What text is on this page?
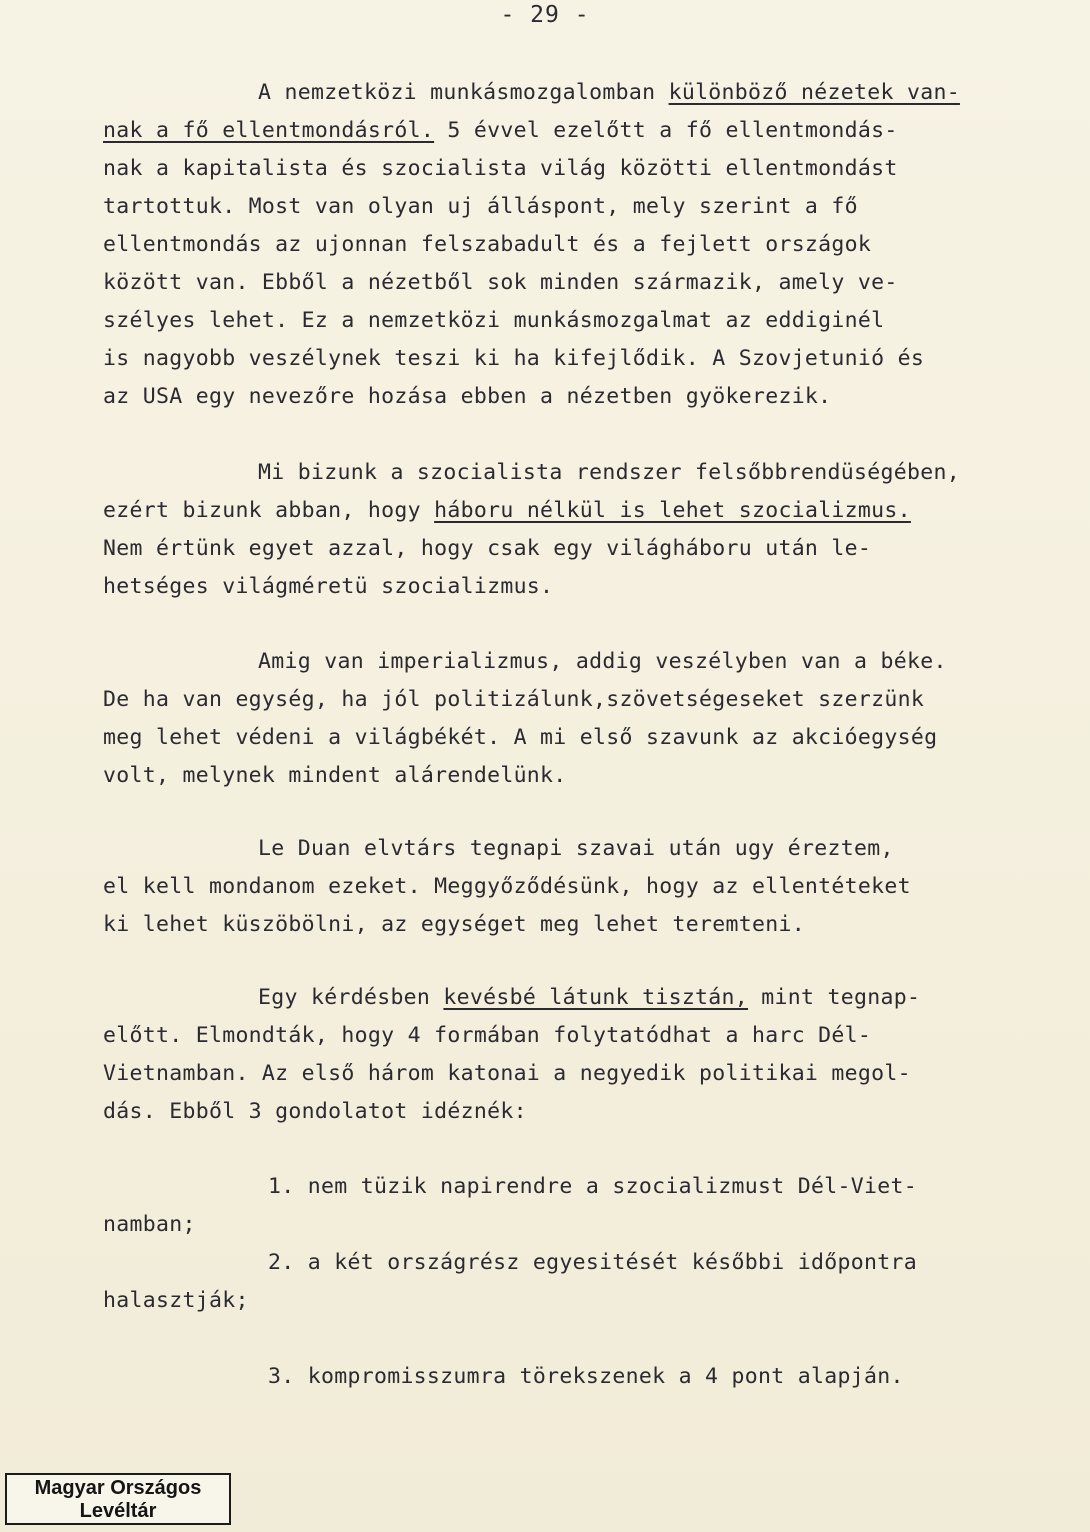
- 29 -
A nemzetközi munkásmozgalomban különböző nézetek van-
nak a fő ellentmondásról. 5 évvel ezelőtt a fő ellentmondás-
nak a kapitalista és szocialista világ közötti ellentmondást
tartottuk. Most van olyan uj álláspont, mely szerint a fő
ellentmondás az ujonnan felszabadult és a fejlett országok
között van. Ebből a nézetből sok minden származik, amely ve-
szélyes lehet. Ez a nemzetközi munkásmozgalmat az eddiginél
is nagyobb veszélynek teszi ki ha kifejlődik. A Szovjetunió és
az USA egy nevezőre hozása ebben a nézetben gyökerezik.
Mi bizunk a szocialista rendszer felsőbbrendüségében,
ezért bizunk abban, hogy háboru nélkül is lehet szocializmus.
Nem értünk egyet azzal, hogy csak egy világháboru után le-
hetséges világméretü szocializmus.
Amig van imperializmus, addig veszélyben van a béke.
De ha van egység, ha jól politizálunk,szövetségeseket szerzünk
meg lehet védeni a világbékét. A mi első szavunk az akcióegység
volt, melynek mindent alárendelünk.
Le Duan elvtárs tegnapi szavai után ugy éreztem,
el kell mondanom ezeket. Meggyőződésünk, hogy az ellentéteket
ki lehet küszöbölni, az egységet meg lehet teremteni.
Egy kérdésben kevésbé látunk tisztán, mint tegnap-
előtt. Elmondták, hogy 4 formában folytatódhat a harc Dél-
Vietnamban. Az első három katonai a negyedik politikai megol-
dás. Ebből 3 gondolatot idéznék:
1. nem tüzik napirendre a szocializmust Dél-Viet-
namban;
2. a két országrész egyesitését későbbi időpontra
halasztják;
3. kompromisszumra törekszenek a 4 pont alapján.
Magyar Országos
Levéltár
